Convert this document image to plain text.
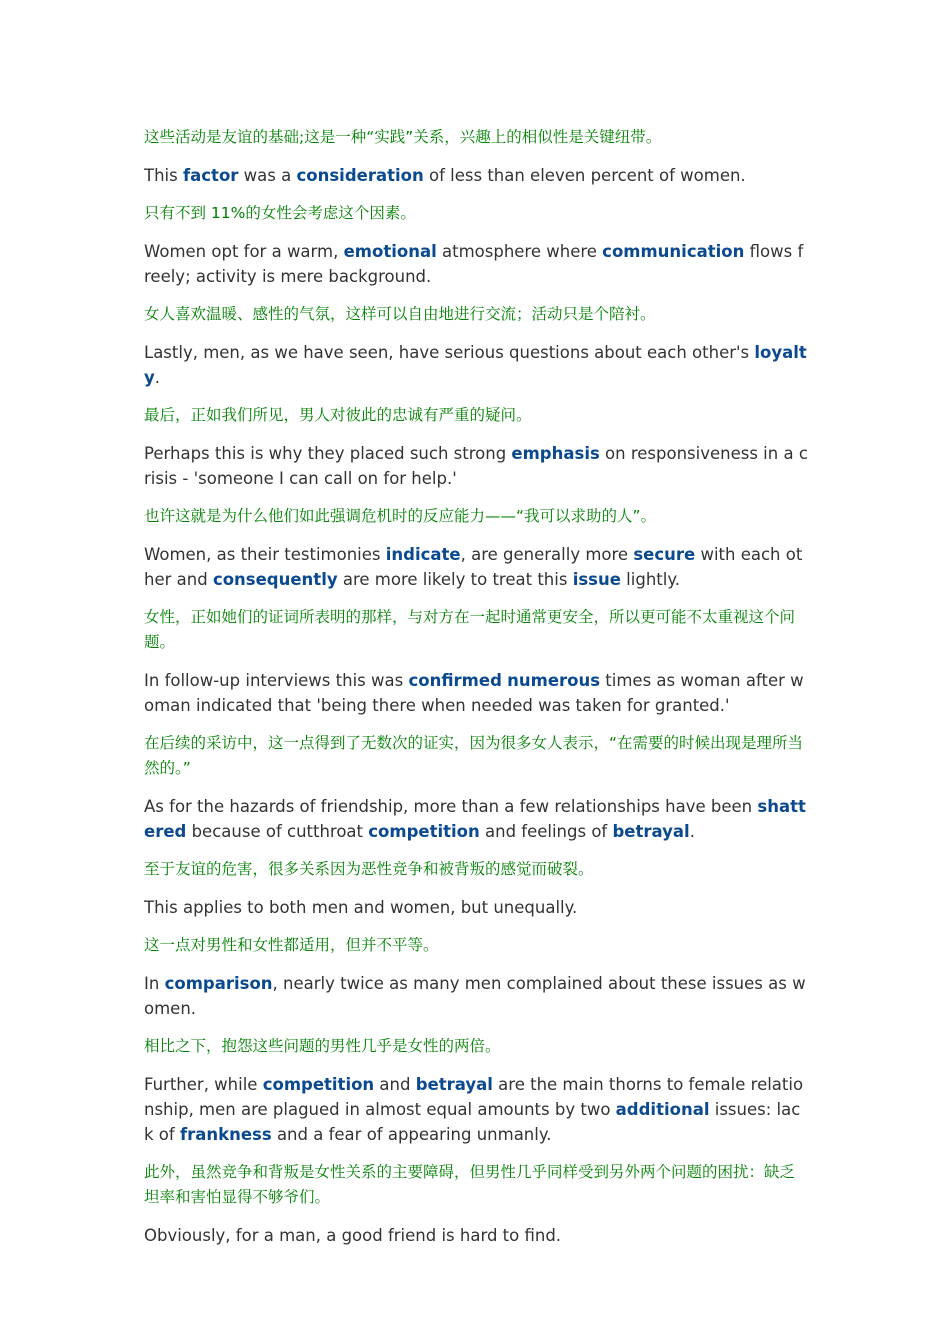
这些活动是友谊的基础;这是一种“实践”关系，兴趣上的相似性是关键纽带。

This factor was a consideration of less than eleven percent of women.

只有不到 11%的女性会考虑这个因素。

Women opt for a warm, emotional atmosphere where communication flows freely; activity is mere background.

女人喜欢温暖、感性的气氛，这样可以自由地进行交流；活动只是个陪衬。

Lastly, men, as we have seen, have serious questions about each other's loyalty.

最后，正如我们所见，男人对彼此的忠诚有严重的疑问。

Perhaps this is why they placed such strong emphasis on responsiveness in a crisis - 'someone I can call on for help.'

也许这就是为什么他们如此强调危机时的反应能力——“我可以求助的人”。

Women, as their testimonies indicate, are generally more secure with each other and consequently are more likely to treat this issue lightly.

女性，正如她们的证词所表明的那样，与对方在一起时通常更安全，所以更可能不太重视这个问题。

In follow-up interviews this was confirmed numerous times as woman after woman indicated that 'being there when needed was taken for granted.'

在后续的采访中，这一点得到了无数次的证实，因为很多女人表示，“在需要的时候出现是理所当然的。”

As for the hazards of friendship, more than a few relationships have been shattered because of cutthroat competition and feelings of betrayal.

至于友谊的危害，很多关系因为恶性竞争和被背叛的感觉而破裂。

This applies to both men and women, but unequally.

这一点对男性和女性都适用，但并不平等。

In comparison, nearly twice as many men complained about these issues as women.

相比之下，抱怨这些问题的男性几乎是女性的两倍。

Further, while competition and betrayal are the main thorns to female relationship, men are plagued in almost equal amounts by two additional issues: lack of frankness and a fear of appearing unmanly.

此外，虽然竞争和背叛是女性关系的主要障碍，但男性几乎同样受到另外两个问题的困扰：缺乏坦率和害怕显得不够爷们。

Obviously, for a man, a good friend is hard to find.
